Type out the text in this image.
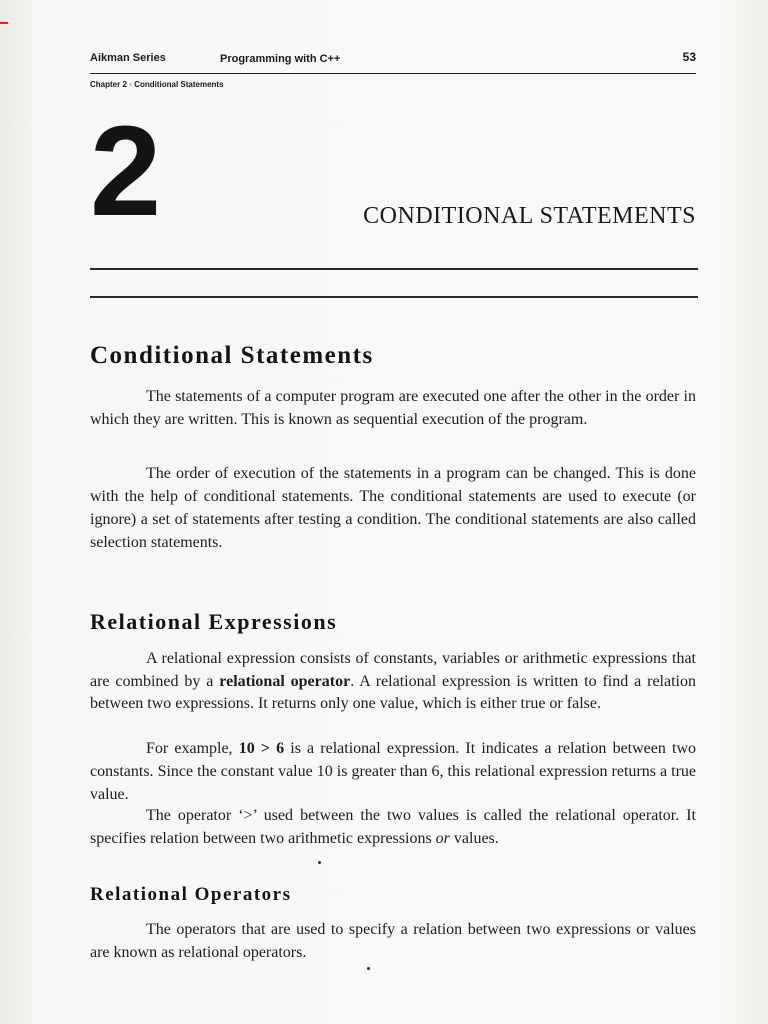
Aikman Series	Programming with C++	53
Chapter 2 ◦ Conditional Statements
2	CONDITIONAL STATEMENTS
Conditional Statements

The statements of a computer program are executed one after the other in the order in which they are written. This is known as sequential execution of the program.

The order of execution of the statements in a program can be changed. This is done with the help of conditional statements. The conditional statements are used to execute (or ignore) a set of statements after testing a condition. The conditional statements are also called selection statements.

Relational Expressions

A relational expression consists of constants, variables or arithmetic expressions that are combined by a relational operator. A relational expression is written to find a relation between two expressions. It returns only one value, which is either true or false.

For example, 10 > 6 is a relational expression. It indicates a relation between two constants. Since the constant value 10 is greater than 6, this relational expression returns a true value.

The operator ‘>’ used between the two values is called the relational operator. It specifies relation between two arithmetic expressions or values.

Relational Operators

The operators that are used to specify a relation between two expressions or values are known as relational operators.
